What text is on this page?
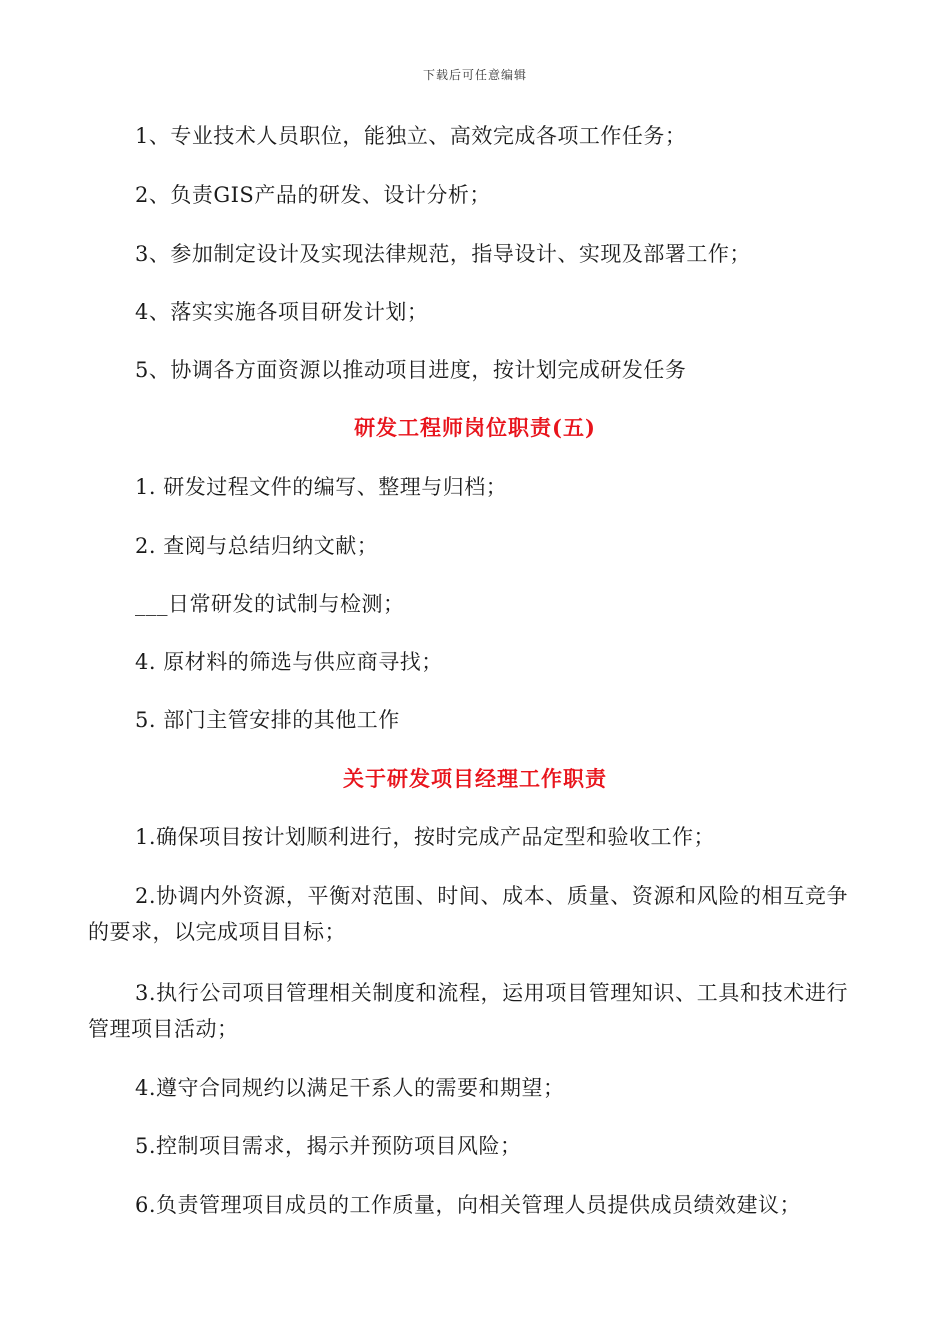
下载后可任意编辑
1、专业技术人员职位，能独立、高效完成各项工作任务；
2、负责GIS产品的研发、设计分析；
3、参加制定设计及实现法律规范，指导设计、实现及部署工作；
4、落实实施各项目研发计划；
5、协调各方面资源以推动项目进度，按计划完成研发任务
研发工程师岗位职责(五)
1. 研发过程文件的编写、整理与归档；
2. 查阅与总结归纳文献；
___日常研发的试制与检测；
4. 原材料的筛选与供应商寻找；
5. 部门主管安排的其他工作
关于研发项目经理工作职责
1.确保项目按计划顺利进行，按时完成产品定型和验收工作；
2.协调内外资源，平衡对范围、时间、成本、质量、资源和风险的相互竞争的要求，以完成项目目标；
3.执行公司项目管理相关制度和流程，运用项目管理知识、工具和技术进行管理项目活动；
4.遵守合同规约以满足干系人的需要和期望；
5.控制项目需求，揭示并预防项目风险；
6.负责管理项目成员的工作质量，向相关管理人员提供成员绩效建议；
